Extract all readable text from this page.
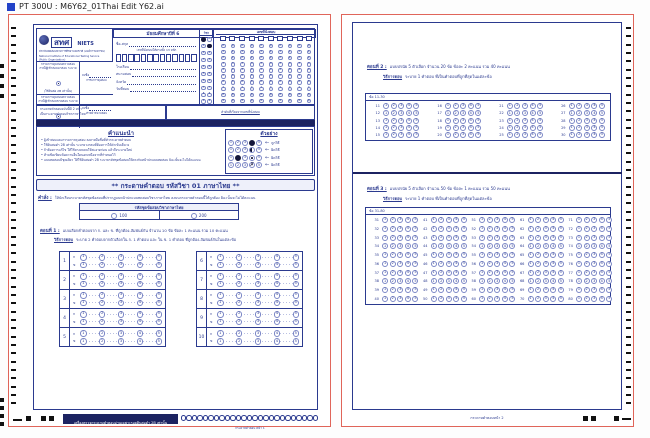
PT 300U : M6Y62_01Thai Edit Y62.ai
สทศ NIETS
สถาบันทดสอบทางการศึกษาแห่งชาติ (องค์การมหาชน)
National Institute of Educational Testing Service (Public Organization)
มัธยมศึกษาปีที่ 6
ชื่อ-สกุล
เลขที่นั่งสอบให้ครบทั้ง 13 หลัก
โรงเรียน
สนามสอบ
จังหวัด
วันที่สอบ
กรรมการคุมสอบตรวจสอบ
กรณีผู้เข้าสอบมาสอบ ระบาย
(ใช้ดินสอ 2B เท่านั้น)
ลงชื่อ
กรรมการคุมสอบ
กรรมการคุมสอบตรวจสอบ
กรณีผู้เข้าสอบขาดสอบ ระบาย
ลงชื่อ
หัวหน้าสนามสอบ
วิชา
1
2
3
4
5
6
7
8
9
0
2
3
4
5
6
7
8
9
เลขที่นั่งสอบ
0	0	0	0	0	0	0	0	0	0
1	1	1	1	1	1	1	1	1	1
2	2	2	2	2	2	2	2	2	2
3	3	3	3	3	3	3	3	3	3
4	4	4	4	4	4	4	4	4	4
5	5	5	5	5	5	5	5	5	5
6	6	6	6	6	6	6	6	6	6
7	7	7	7	7	7	7	7	7	7
8	8	8	8	8	8	8	8	8	8
9	9	9	9	9	9	9	9	9	9
กระดาษคำตอบฉบับนี้มี 2 หน้า
เป็นกระดาษคำตอบวิชาภาษาไทย	ลำดับที่เรียงจากเลขที่นั่งสอบ
คำแนะนำ
• ผู้เข้าสอบและกรรมการคุมสอบ ลงลายมือชื่อที่หัวกระดาษคำตอบ
• ใช้ดินสอดำ 2B เท่านั้น ระบายวงกลมที่ต้องการให้ดำเข้มเต็มวง
• ถ้าต้องการแก้ไข ให้ใช้ยางลบลบให้สะอาดก่อน แล้วจึงระบายใหม่
• ห้ามขีดเขียนข้อความอื่นใดนอกเหนือจากที่กำหนดไว้
• แบบทดสอบมีชุดเดียว ให้ใช้ดินสอดำ 2B ระบายรหัสชุดข้อสอบให้ตรงกับหน้าปกแบบทดสอบ มิฉะนั้นจะไม่ได้คะแนน
ตัวอย่าง
1	2	3	5 ← ถูกวิธี
1	2	3	5 ← ผิดวิธี
1	3	5 ← ผิดวิธี
1	2	3	5 ← ผิดวิธี
** กระดาษคำตอบ รหัสวิชา 01 ภาษาไทย **
คำสั่ง : ให้นักเรียนระบายรหัสชุดข้อสอบที่ปรากฏบนหน้าปกแบบทดสอบวิชาภาษาไทย ลงบนกระดาษคำตอบนี้ให้ถูกต้อง มิฉะนั้นจะไม่ได้คะแนน
รหัสชุดข้อสอบวิชาภาษาไทย
100	200
ตอนที่ 1 : แบบเลือกคำตอบจาก ก. และ ข. ที่ถูกต้อง-สัมพันธ์กัน จำนวน 10 ข้อ ข้อละ 1 คะแนน รวม 10 คะแนน
วิธีการตอบ ระบาย 2 คำตอบจากตัวเลือกใน ก. 1 คำตอบ และ ใน ข. 1 คำตอบ ที่ถูกต้อง-สัมพันธ์กันในแต่ละข้อ
1
ก	1	2	3	4	5
ข	1	2	3	4	5
2
ก	1	2	3	4	5
ข	1	2	3	4	5
3
ก	1	2	3	4	5
ข	1	2	3	4	5
4
ก	1	2	3	4	5
ข	1	2	3	4	5
5
ก	1	2	3	4	5
ข	1	2	3	4	5
6
ก	1	2	3	4	5
ข	1	2	3	4	5
7
ก	1	2	3	4	5
ข	1	2	3	4	5
8
ก	1	2	3	4	5
ข	1	2	3	4	5
9
ก	1	2	3	4	5
ข	1	2	3	4	5
10
ก	1	2	3	4	5
ข	1	2	3	4	5
เครื่องตรวจกระดาษคำตอบอ่านเฉพาะรอยดินสอดำ 2B เท่านั้น
กระดาษคำตอบ หน้า 1
ตอนที่ 2 : แบบปรนัย 5 ตัวเลือก จำนวน 20 ข้อ ข้อละ 2 คะแนน รวม 40 คะแนน
วิธีการตอบ ระบาย 1 คำตอบ ที่เป็นคำตอบที่ถูกที่สุดในแต่ละข้อ
ข้อ 11-30
11	1	2	3	4	5
12	1	2	3	4	5
13	1	2	3	4	5
14	1	2	3	4	5
15	1	2	3	4	5
16	1	2	3	4	5
17	1	2	3	4	5
18	1	2	3	4	5
19	1	2	3	4	5
20	1	2	3	4	5
21	1	2	3	4	5
22	1	2	3	4	5
23	1	2	3	4	5
24	1	2	3	4	5
25	1	2	3	4	5
26	1	2	3	4	5
27	1	2	3	4	5
28	1	2	3	4	5
29	1	2	3	4	5
30	1	2	3	4	5
ตอนที่ 3 : แบบปรนัย 5 ตัวเลือก จำนวน 50 ข้อ ข้อละ 1 คะแนน รวม 50 คะแนน
วิธีการตอบ ระบาย 1 คำตอบ ที่เป็นคำตอบที่ถูกที่สุดในแต่ละข้อ
ข้อ 31-80
31	1	2	3	4	5
32	1	2	3	4	5
33	1	2	3	4	5
34	1	2	3	4	5
35	1	2	3	4	5
36	1	2	3	4	5
37	1	2	3	4	5
38	1	2	3	4	5
39	1	2	3	4	5
40	1	2	3	4	5
41	1	2	3	4	5
42	1	2	3	4	5
43	1	2	3	4	5
44	1	2	3	4	5
45	1	2	3	4	5
46	1	2	3	4	5
47	1	2	3	4	5
48	1	2	3	4	5
49	1	2	3	4	5
50	1	2	3	4	5
51	1	2	3	4	5
52	1	2	3	4	5
53	1	2	3	4	5
54	1	2	3	4	5
55	1	2	3	4	5
56	1	2	3	4	5
57	1	2	3	4	5
58	1	2	3	4	5
59	1	2	3	4	5
60	1	2	3	4	5
61	1	2	3	4	5
62	1	2	3	4	5
63	1	2	3	4	5
64	1	2	3	4	5
65	1	2	3	4	5
66	1	2	3	4	5
67	1	2	3	4	5
68	1	2	3	4	5
69	1	2	3	4	5
70	1	2	3	4	5
71	1	2	3	4	5
72	1	2	3	4	5
73	1	2	3	4	5
74	1	2	3	4	5
75	1	2	3	4	5
76	1	2	3	4	5
77	1	2	3	4	5
78	1	2	3	4	5
79	1	2	3	4	5
80	1	2	3	4	5
กระดาษคำตอบหน้า 2
